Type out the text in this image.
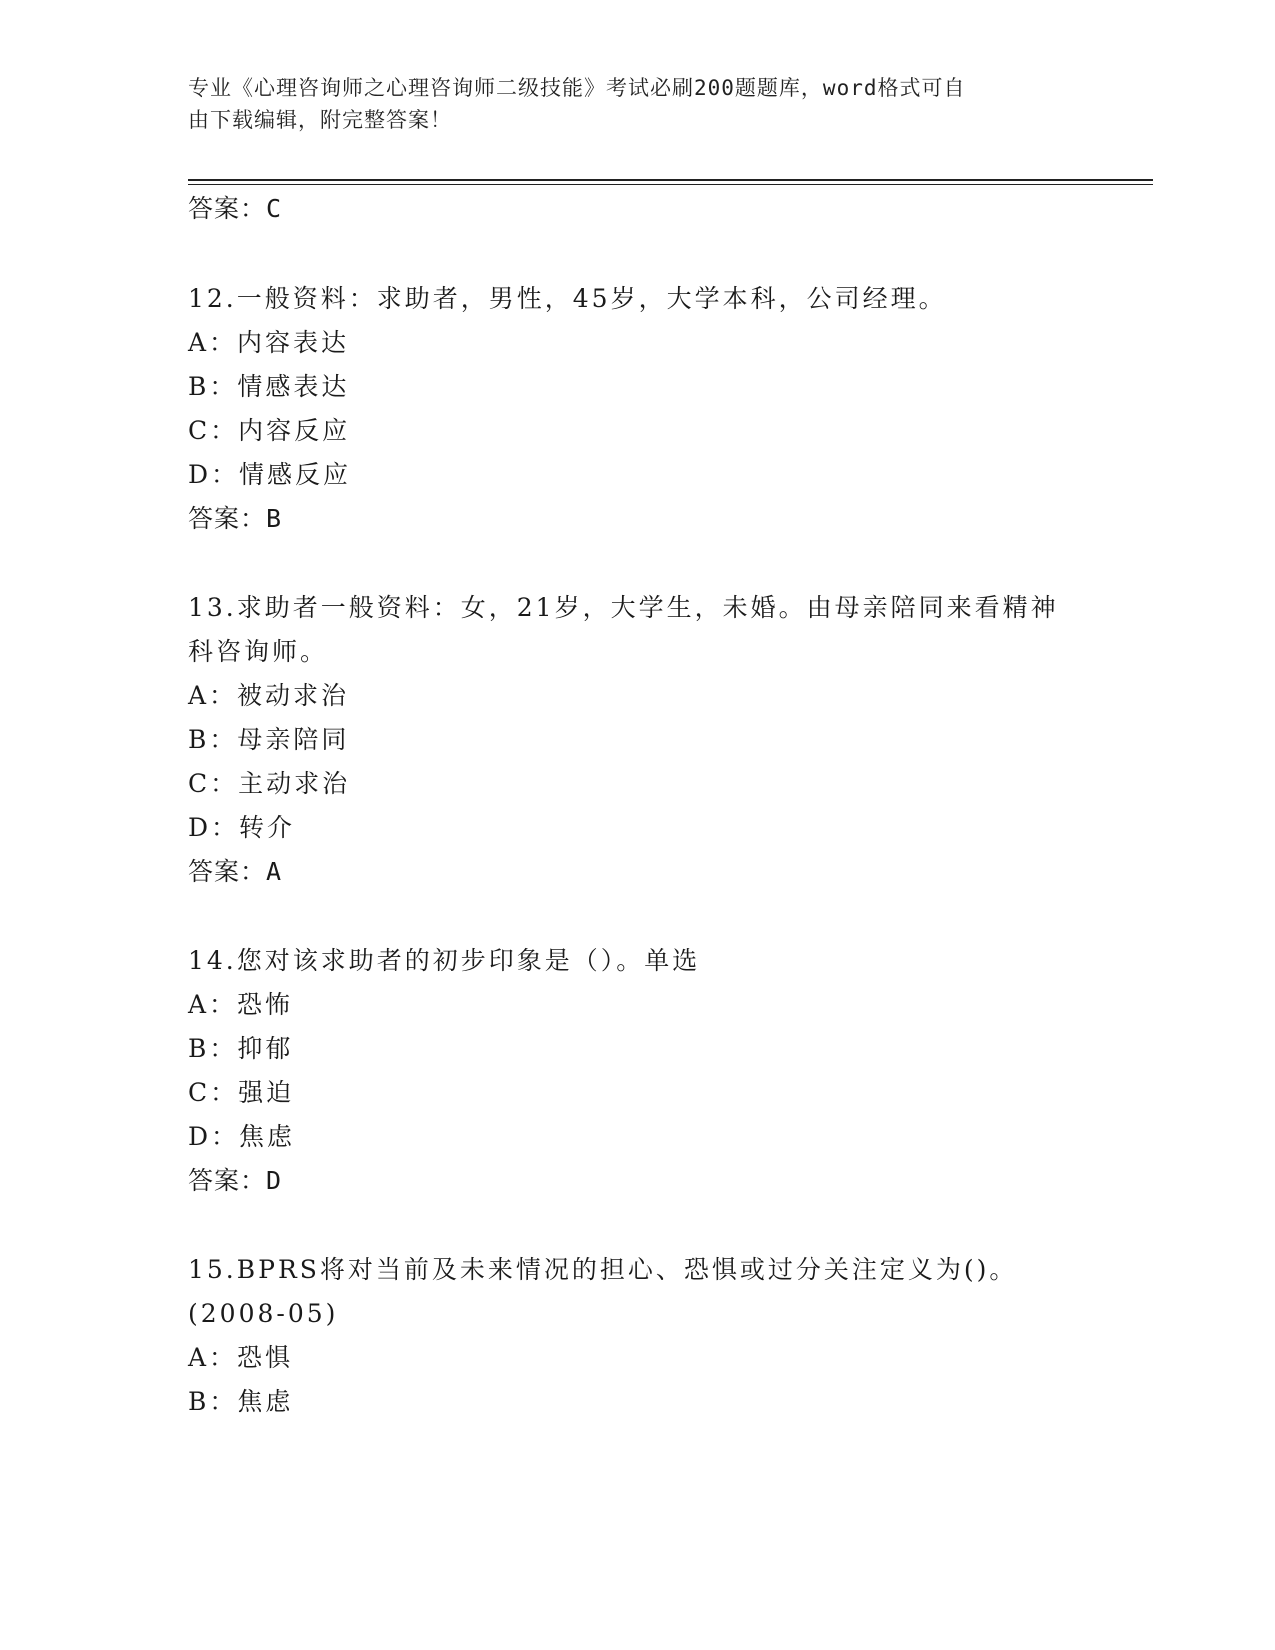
专业《心理咨询师之心理咨询师二级技能》考试必刷200题题库，word格式可自
由下载编辑，附完整答案！
答案：C
12.一般资料：求助者，男性，45岁，大学本科，公司经理。
A：内容表达
B：情感表达
C：内容反应
D：情感反应
答案：B
13.求助者一般资料：女，21岁，大学生，未婚。由母亲陪同来看精神
科咨询师。
A：被动求治
B：母亲陪同
C：主动求治
D：转介
答案：A
14.您对该求助者的初步印象是（）。单选
A：恐怖
B：抑郁
C：强迫
D：焦虑
答案：D
15.BPRS将对当前及未来情况的担心、恐惧或过分关注定义为()。
(2008-05)
A：恐惧
B：焦虑
